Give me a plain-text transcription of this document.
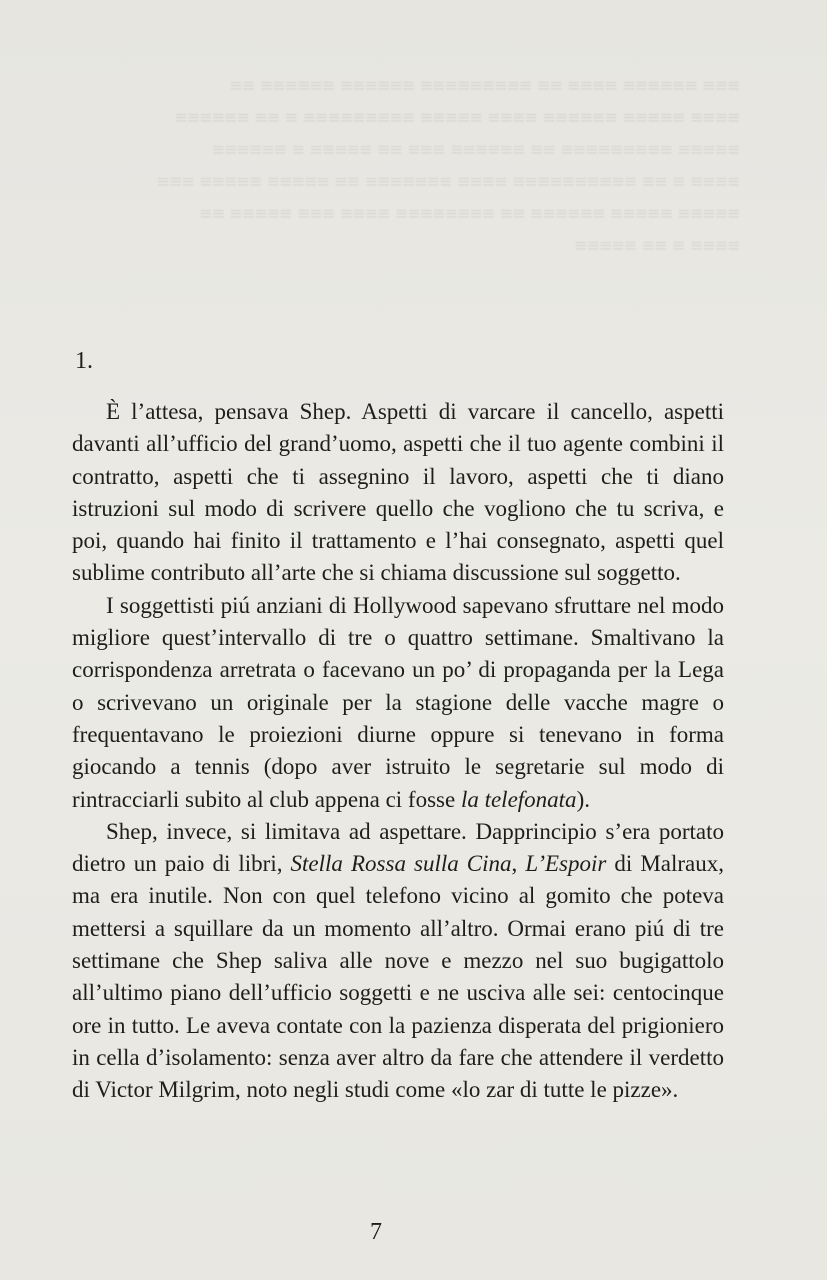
≡≡≡ ≡≡≡≡≡≡ ≡≡≡≡ ≡≡ ≡≡≡≡≡≡≡≡≡ ≡≡≡≡≡≡ ≡≡≡≡≡≡ ≡≡

≡≡≡≡ ≡≡≡≡≡ ≡≡≡≡≡≡ ≡≡≡≡ ≡≡≡≡≡ ≡≡≡≡≡≡≡≡≡ ≡ ≡≡ ≡≡≡≡≡≡

≡≡≡≡≡ ≡≡≡≡≡≡≡≡≡ ≡≡ ≡≡≡≡≡≡ ≡≡≡ ≡≡ ≡≡≡≡≡ ≡ ≡≡≡≡≡≡

≡≡≡≡ ≡ ≡≡ ≡≡≡≡≡≡≡≡≡≡ ≡≡≡≡ ≡≡≡≡≡≡≡ ≡≡ ≡≡≡≡≡ ≡≡≡≡≡ ≡≡≡

≡≡≡≡≡ ≡≡≡≡≡ ≡≡≡≡≡≡ ≡≡ ≡≡≡≡≡≡≡≡ ≡≡≡≡ ≡≡≡ ≡≡≡≡≡ ≡≡

≡≡≡≡ ≡ ≡≡ ≡≡≡≡≡

1.

È l’attesa, pensava Shep. Aspetti di varcare il cancello, aspetti davanti all’ufficio del grand’uomo, aspetti che il tuo agente combini il contratto, aspetti che ti assegnino il lavoro, aspetti che ti diano istruzioni sul modo di scrivere quello che vogliono che tu scriva, e poi, quando hai finito il trattamento e l’hai consegnato, aspetti quel sublime contributo all’arte che si chiama discussione sul soggetto.

I soggettisti piú anziani di Hollywood sapevano sfruttare nel modo migliore quest’intervallo di tre o quattro settimane. Smaltivano la corrispondenza arretrata o facevano un po’ di propaganda per la Lega o scrivevano un originale per la stagione delle vacche magre o frequentavano le proiezioni diurne oppure si tenevano in forma giocando a tennis (dopo aver istruito le segretarie sul modo di rintracciarli subito al club appena ci fosse la telefonata).

Shep, invece, si limitava ad aspettare. Dapprincipio s’era portato dietro un paio di libri, Stella Rossa sulla Cina, L’Espoir di Malraux, ma era inutile. Non con quel telefono vicino al gomito che poteva mettersi a squillare da un momento all’altro. Ormai erano piú di tre settimane che Shep saliva alle nove e mezzo nel suo bugigattolo all’ultimo piano dell’ufficio soggetti e ne usciva alle sei: centocinque ore in tutto. Le aveva contate con la pazienza disperata del prigioniero in cella d’isolamento: senza aver altro da fare che attendere il verdetto di Victor Milgrim, noto negli studi come «lo zar di tutte le pizze».

7
